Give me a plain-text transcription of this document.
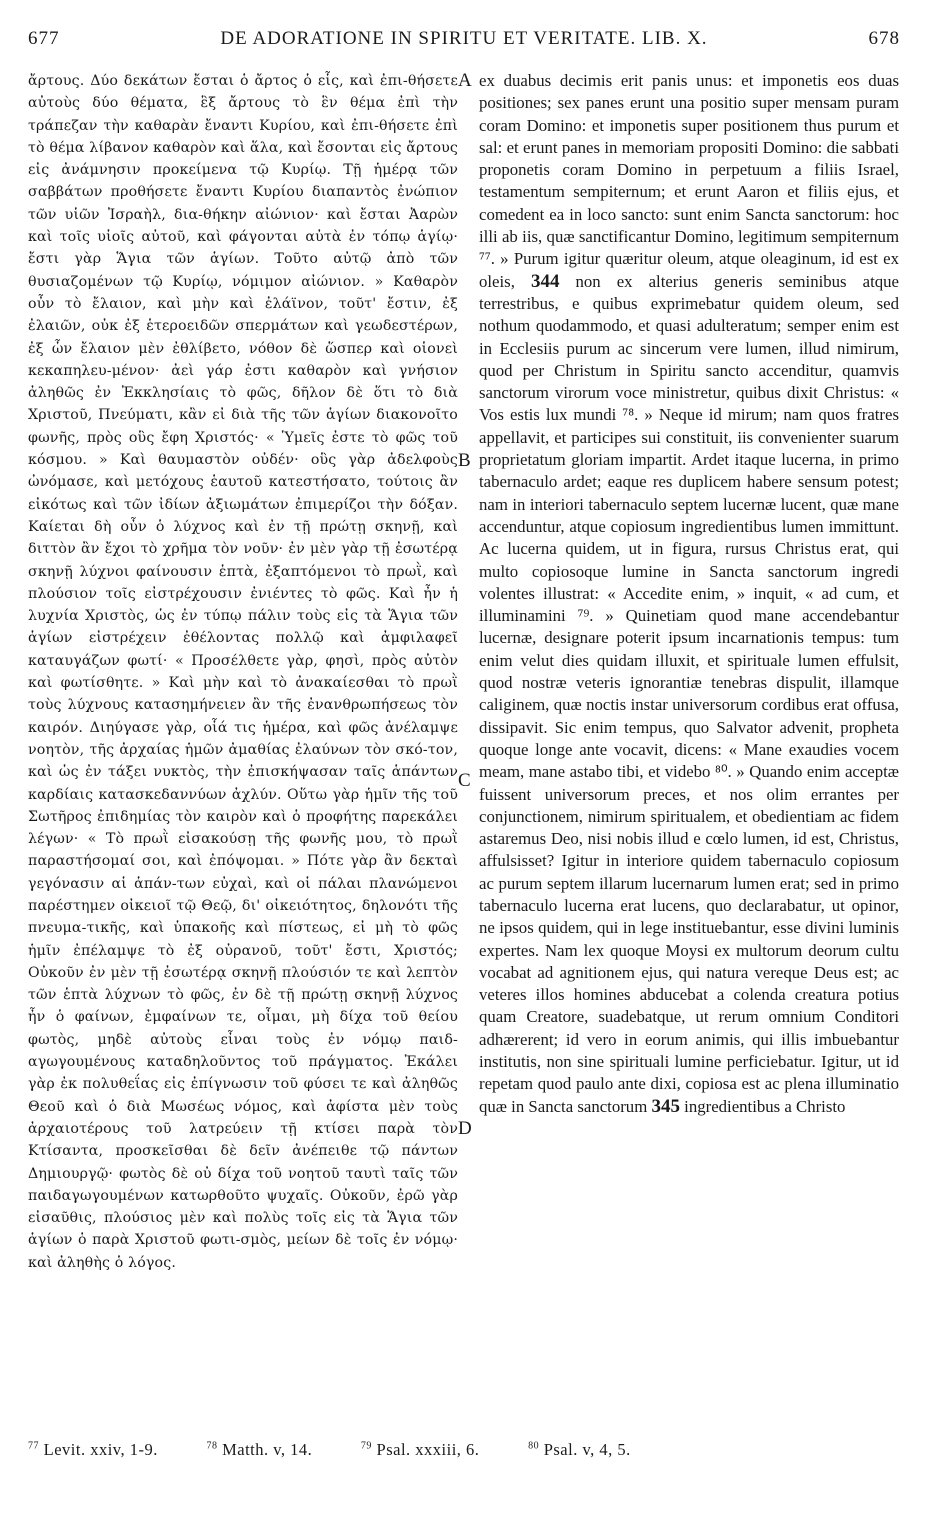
677	DE ADORATIONE IN SPIRITU ET VERITATE. LIB. X.	678

ἄρτους. Δύο δεκάτων ἔσται ὁ ἄρτος ὁ εἷς, καὶ ἐπι-θήσετε αὐτοὺς δύο θέματα, ἓξ ἄρτους τὸ ἓν θέμα ἐπὶ τὴν τράπεζαν τὴν καθαρὰν ἔναντι Κυρίου, καὶ ἐπι-θήσετε ἐπὶ τὸ θέμα λίβανον καθαρὸν καὶ ἅλα, καὶ ἔσονται εἰς ἄρτους εἰς ἀνάμνησιν προκείμενα τῷ Κυρίῳ. Τῇ ἡμέρᾳ τῶν σαββάτων προθήσετε ἔναντι Κυρίου διαπαντὸς ἐνώπιον τῶν υἱῶν Ἰσραὴλ, δια-θήκην αἰώνιον· καὶ ἔσται Ἀαρὼν καὶ τοῖς υἱοῖς αὐτοῦ, καὶ φάγονται αὐτὰ ἐν τόπῳ ἁγίῳ· ἔστι γὰρ Ἅγια τῶν ἁγίων. Τοῦτο αὐτῷ ἀπὸ τῶν θυσιαζομένων τῷ Κυρίῳ, νόμιμον αἰώνιον. » Καθαρὸν οὖν τὸ ἔλαιον, καὶ μὴν καὶ ἐλάϊνον, τοῦτ' ἔστιν, ἐξ ἐλαιῶν, οὐκ ἐξ ἑτεροειδῶν σπερμάτων καὶ γεωδεστέρων, ἐξ ὧν ἔλαιον μὲν ἐθλίβετο, νόθον δὲ ὥσπερ καὶ οἱονεὶ κεκαπηλευ-μένον· ἀεὶ γάρ ἐστι καθαρὸν καὶ γνήσιον ἀληθῶς ἐν Ἐκκλησίαις τὸ φῶς, δῆλον δὲ ὅτι τὸ διὰ Χριστοῦ, Πνεύματι, κἂν εἰ διὰ τῆς τῶν ἁγίων διακονοῖτο φωνῆς, πρὸς οὓς ἔφη Χριστός· « Ὑμεῖς ἐστε τὸ φῶς τοῦ κόσμου. » Καὶ θαυμαστὸν οὐδέν· οὓς γὰρ ἀδελφοὺς ὠνόμασε, καὶ μετόχους ἑαυτοῦ κατεστήσατο, τούτοις ἂν εἰκότως καὶ τῶν ἰδίων ἀξιωμάτων ἐπιμερίζοι τὴν δόξαν. Καίεται δὴ οὖν ὁ λύχνος καὶ ἐν τῇ πρώτῃ σκηνῇ, καὶ διττὸν ἂν ἔχοι τὸ χρῆμα τὸν νοῦν· ἐν μὲν γὰρ τῇ ἐσωτέρᾳ σκηνῇ λύχνοι φαίνουσιν ἑπτὰ, ἐξαπτόμενοι τὸ πρωῒ, καὶ πλούσιον τοῖς εἰστρέχουσιν ἐνιέντες τὸ φῶς. Καὶ ἦν ἡ λυχνία Χριστὸς, ὡς ἐν τύπῳ πάλιν τοὺς εἰς τὰ Ἅγια τῶν ἁγίων εἰστρέχειν ἐθέλοντας πολλῷ καὶ ἀμφιλαφεῖ καταυγάζων φωτί· « Προσέλθετε γὰρ, φησὶ, πρὸς αὐτὸν καὶ φωτίσθητε. » Καὶ μὴν καὶ τὸ ἀνακαίεσθαι τὸ πρωῒ τοὺς λύχνους κατασημήνειεν ἂν τῆς ἐνανθρωπήσεως τὸν καιρόν. Διηύγασε γὰρ, οἷά τις ἡμέρα, καὶ φῶς ἀνέλαμψε νοητὸν, τῆς ἀρχαίας ἡμῶν ἀμαθίας ἐλαύνων τὸν σκό-τον, καὶ ὡς ἐν τάξει νυκτὸς, τὴν ἐπισκήψασαν ταῖς ἁπάντων καρδίαις κατασκεδαννύων ἀχλύν. Οὕτω γὰρ ἡμῖν τῆς τοῦ Σωτῆρος ἐπιδημίας τὸν καιρὸν καὶ ὁ προφήτης παρεκάλει λέγων· « Τὸ πρωῒ εἰσακούσῃ τῆς φωνῆς μου, τὸ πρωῒ παραστήσομαί σοι, καὶ ἐπόψομαι. » Πότε γὰρ ἂν δεκταὶ γεγόνασιν αἱ ἁπάν-των εὐχαὶ, καὶ οἱ πάλαι πλανώμενοι παρέστημεν οἰκειοῖ τῷ Θεῷ, δι' οἰκειότητος, δηλονότι τῆς πνευμα-τικῆς, καὶ ὑπακοῆς καὶ πίστεως, εἰ μὴ τὸ φῶς ἡμῖν ἐπέλαμψε τὸ ἐξ οὐρανοῦ, τοῦτ' ἔστι, Χριστός; Οὐκοῦν ἐν μὲν τῇ ἐσωτέρᾳ σκηνῇ πλούσιόν τε καὶ λεπτὸν τῶν ἑπτὰ λύχνων τὸ φῶς, ἐν δὲ τῇ πρώτῃ σκηνῇ λύχνος ἦν ὁ φαίνων, ἐμφαίνων τε, οἶμαι, μὴ δίχα τοῦ θείου φωτὸς, μηδὲ αὐτοὺς εἶναι τοὺς ἐν νόμῳ παιδ-αγωγουμένους καταδηλοῦντος τοῦ πράγματος. Ἐκάλει γὰρ ἐκ πολυθεΐας εἰς ἐπίγνωσιν τοῦ φύσει τε καὶ ἀληθῶς Θεοῦ καὶ ὁ διὰ Μωσέως νόμος, καὶ ἀφίστα μὲν τοὺς ἀρχαιοτέρους τοῦ λατρεύειν τῇ κτίσει παρὰ τὸν Κτίσαντα, προσκεῖσθαι δὲ δεῖν ἀνέπειθε τῷ πάντων Δημιουργῷ· φωτὸς δὲ οὐ δίχα τοῦ νοητοῦ ταυτὶ ταῖς τῶν παιδαγωγουμένων κατωρθοῦτο ψυχαῖς. Οὐκοῦν, ἐρῶ γὰρ εἰσαῦθις, πλούσιος μὲν καὶ πολὺς τοῖς εἰς τὰ Ἅγια τῶν ἁγίων ὁ παρὰ Χριστοῦ φωτι-σμὸς, μείων δὲ τοῖς ἐν νόμῳ· καὶ ἀληθὴς ὁ λόγος.

A
B
C
D

ex duabus decimis erit panis unus: et imponetis eos duas positiones; sex panes erunt una positio super mensam puram coram Domino: et imponetis super positionem thus purum et sal: et erunt panes in memoriam propositi Domino: die sabbati proponetis coram Domino in perpetuum a filiis Israel, testamentum sempiternum; et erunt Aaron et filiis ejus, et comedent ea in loco sancto: sunt enim Sancta sanctorum: hoc illi ab iis, quæ sanctificantur Domino, legitimum sempiternum ⁷⁷. » Purum igitur quæritur oleum, atque oleaginum, id est ex oleis, 344 non ex alterius generis seminibus atque terrestribus, e quibus exprimebatur quidem oleum, sed nothum quodammodo, et quasi adulteratum; semper enim est in Ecclesiis purum ac sincerum vere lumen, illud nimirum, quod per Christum in Spiritu sancto accenditur, quamvis sanctorum virorum voce ministretur, quibus dixit Christus: « Vos estis lux mundi ⁷⁸. » Neque id mirum; nam quos fratres appellavit, et participes sui constituit, iis convenienter suarum proprietatum gloriam impartit. Ardet itaque lucerna, in primo tabernaculo ardet; eaque res duplicem habere sensum potest; nam in interiori tabernaculo septem lucernæ lucent, quæ mane accenduntur, atque copiosum ingredientibus lumen immittunt. Ac lucerna quidem, ut in figura, rursus Christus erat, qui multo copiosoque lumine in Sancta sanctorum ingredi volentes illustrat: « Accedite enim, » inquit, « ad cum, et illuminamini ⁷⁹. » Quinetiam quod mane accendebantur lucernæ, designare poterit ipsum incarnationis tempus: tum enim velut dies quidam illuxit, et spirituale lumen effulsit, quod nostræ veteris ignorantiæ tenebras dispulit, illamque caliginem, quæ noctis instar universorum cordibus erat offusa, dissipavit. Sic enim tempus, quo Salvator advenit, propheta quoque longe ante vocavit, dicens: « Mane exaudies vocem meam, mane astabo tibi, et videbo ⁸⁰. » Quando enim acceptæ fuissent universorum preces, et nos olim errantes per conjunctionem, nimirum spiritualem, et obedientiam ac fidem astaremus Deo, nisi nobis illud e cœlo lumen, id est, Christus, affulsisset? Igitur in interiore quidem tabernaculo copiosum ac purum septem illarum lucernarum lumen erat; sed in primo tabernaculo lucerna erat lucens, quo declarabatur, ut opinor, ne ipsos quidem, qui in lege instituebantur, esse divini luminis expertes. Nam lex quoque Moysi ex multorum deorum cultu vocabat ad agnitionem ejus, qui natura vereque Deus est; ac veteres illos homines abducebat a colenda creatura potius quam Creatore, suadebatque, ut rerum omnium Conditori adhærerent; id vero in eorum animis, qui illis imbuebantur institutis, non sine spirituali lumine perficiebatur. Igitur, ut id repetam quod paulo ante dixi, copiosa est ac plena illuminatio quæ in Sancta sanctorum 345 ingredientibus a Christo

$^{77}$ Levit. xxiv, 1-9.	$^{78}$ Matth. v, 14.	$^{79}$ Psal. xxxiii, 6.	$^{80}$ Psal. v, 4, 5.
